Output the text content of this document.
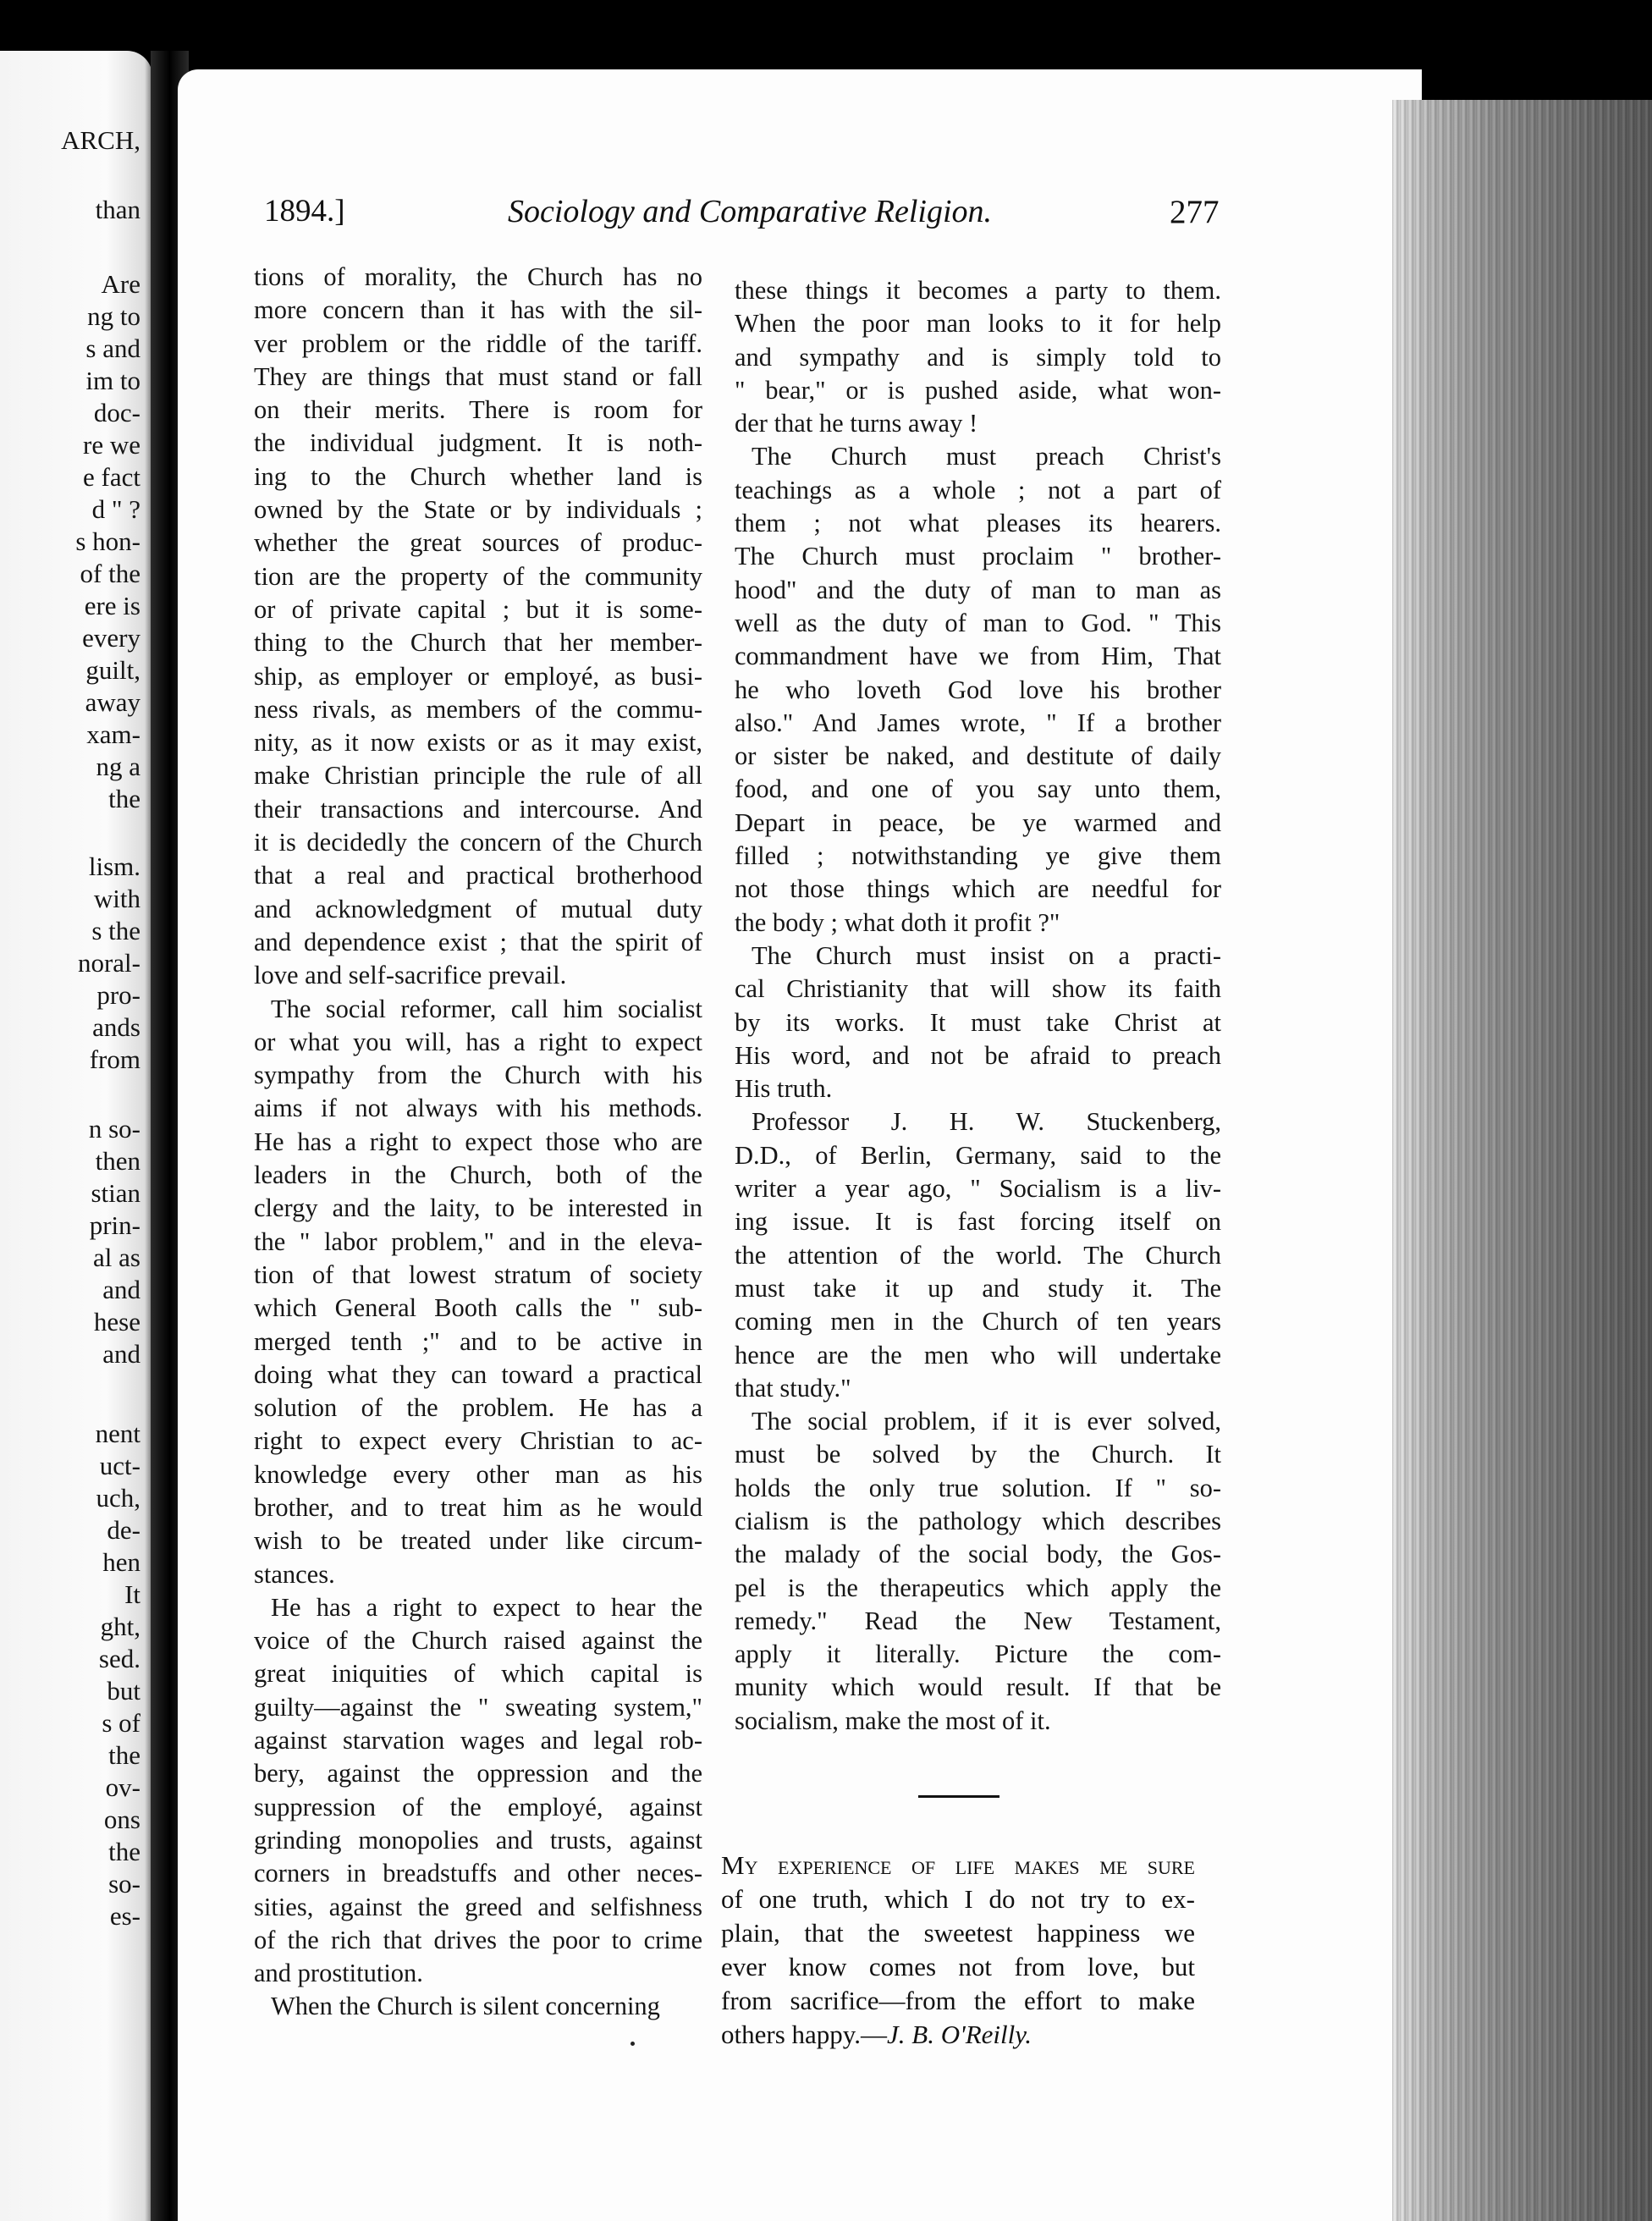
ARCH,
than
Are
ng to
s and
im to
doc-
re we
e fact
d " ?
s hon-
of the
ere is
every
guilt,
away
xam-
ng a
the
lism.
with
s the
noral-
pro-
ands
from
n so-
then
stian
prin-
al as
and
hese
and
nent
uct-
uch,
de-
hen
It
ght,
sed.
but
s of
the
ov-
ons
the
so-
es-
1894.]	Sociology and Comparative Religion.	277
tions of morality, the Church has no
more concern than it has with the sil-
ver problem or the riddle of the tariff.
They are things that must stand or fall
on their merits. There is room for
the individual judgment. It is noth-
ing to the Church whether land is
owned by the State or by individuals ;
whether the great sources of produc-
tion are the property of the community
or of private capital ; but it is some-
thing to the Church that her member-
ship, as employer or employé, as busi-
ness rivals, as members of the commu-
nity, as it now exists or as it may exist,
make Christian principle the rule of all
their transactions and intercourse. And
it is decidedly the concern of the Church
that a real and practical brotherhood
and acknowledgment of mutual duty
and dependence exist ; that the spirit of
love and self-sacrifice prevail.
The social reformer, call him socialist
or what you will, has a right to expect
sympathy from the Church with his
aims if not always with his methods.
He has a right to expect those who are
leaders in the Church, both of the
clergy and the laity, to be interested in
the " labor problem," and in the eleva-
tion of that lowest stratum of society
which General Booth calls the " sub-
merged tenth ;" and to be active in
doing what they can toward a practical
solution of the problem. He has a
right to expect every Christian to ac-
knowledge every other man as his
brother, and to treat him as he would
wish to be treated under like circum-
stances.
He has a right to expect to hear the
voice of the Church raised against the
great iniquities of which capital is
guilty—against the " sweating system,"
against starvation wages and legal rob-
bery, against the oppression and the
suppression of the employé, against
grinding monopolies and trusts, against
corners in breadstuffs and other neces-
sities, against the greed and selfishness
of the rich that drives the poor to crime
and prostitution.
When the Church is silent concerning
these things it becomes a party to them.
When the poor man looks to it for help
and sympathy and is simply told to
" bear," or is pushed aside, what won-
der that he turns away !
The Church must preach Christ's
teachings as a whole ; not a part of
them ; not what pleases its hearers.
The Church must proclaim " brother-
hood" and the duty of man to man as
well as the duty of man to God. " This
commandment have we from Him, That
he who loveth God love his brother
also." And James wrote, " If a brother
or sister be naked, and destitute of daily
food, and one of you say unto them,
Depart in peace, be ye warmed and
filled ; notwithstanding ye give them
not those things which are needful for
the body ; what doth it profit ?"
The Church must insist on a practi-
cal Christianity that will show its faith
by its works. It must take Christ at
His word, and not be afraid to preach
His truth.
Professor J. H. W. Stuckenberg,
D.D., of Berlin, Germany, said to the
writer a year ago, " Socialism is a liv-
ing issue. It is fast forcing itself on
the attention of the world. The Church
must take it up and study it. The
coming men in the Church of ten years
hence are the men who will undertake
that study."
The social problem, if it is ever solved,
must be solved by the Church. It
holds the only true solution. If " so-
cialism is the pathology which describes
the malady of the social body, the Gos-
pel is the therapeutics which apply the
remedy." Read the New Testament,
apply it literally. Picture the com-
munity which would result. If that be
socialism, make the most of it.
My experience of life makes me sure
of one truth, which I do not try to ex-
plain, that the sweetest happiness we
ever know comes not from love, but
from sacrifice—from the effort to make
others happy.—J. B. O'Reilly.
